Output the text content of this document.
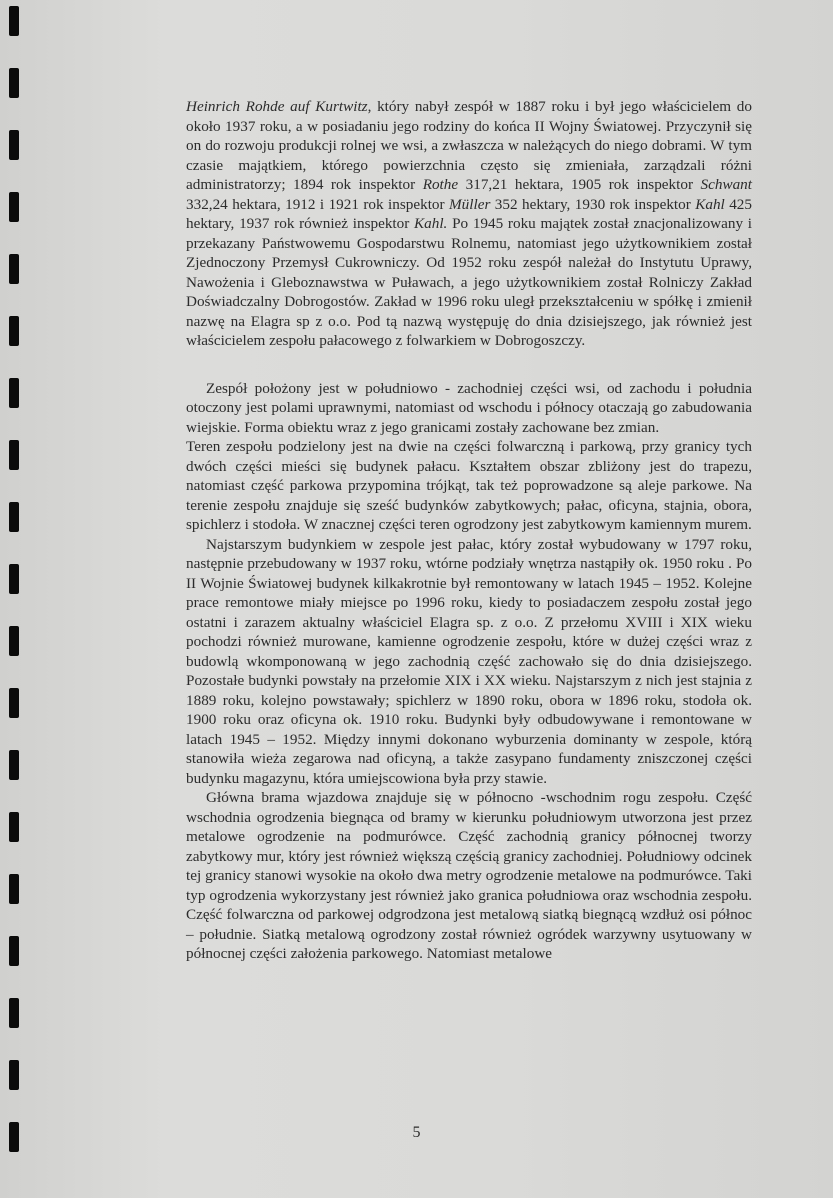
Heinrich Rohde auf Kurtwitz, który nabył zespół w 1887 roku i był jego właścicielem do około 1937 roku, a w posiadaniu jego rodziny do końca II Wojny Światowej. Przyczynił się on do rozwoju produkcji rolnej we wsi, a zwłaszcza w należących do niego dobrami. W tym czasie majątkiem, którego powierzchnia często się zmieniała, zarządzali różni administratorzy; 1894 rok inspektor Rothe 317,21 hektara, 1905 rok inspektor Schwant 332,24 hektara, 1912 i 1921 rok inspektor Müller 352 hektary, 1930 rok inspektor Kahl 425 hektary, 1937 rok również inspektor Kahl. Po 1945 roku majątek został znacjonalizowany i przekazany Państwowemu Gospodarstwu Rolnemu, natomiast jego użytkownikiem został Zjednoczony Przemysł Cukrowniczy. Od 1952 roku zespół należał do Instytutu Uprawy, Nawożenia i Gleboznawstwa w Puławach, a jego użytkownikiem został Rolniczy Zakład Doświadczalny Dobrogostów. Zakład w 1996 roku uległ przekształceniu w spółkę i zmienił nazwę na Elagra sp z o.o. Pod tą nazwą występuję do dnia dzisiejszego, jak również jest właścicielem zespołu pałacowego z folwarkiem w Dobrogoszczy.

Zespół położony jest w południowo - zachodniej części wsi, od zachodu i południa otoczony jest polami uprawnymi, natomiast od wschodu i północy otaczają go zabudowania wiejskie. Forma obiektu wraz z jego granicami zostały zachowane bez zmian.

Teren zespołu podzielony jest na dwie na części folwarczną i parkową, przy granicy tych dwóch części mieści się budynek pałacu. Kształtem obszar zbliżony jest do trapezu, natomiast część parkowa przypomina trójkąt, tak też poprowadzone są aleje parkowe. Na terenie zespołu znajduje się sześć budynków zabytkowych; pałac, oficyna, stajnia, obora, spichlerz i stodoła. W znacznej części teren ogrodzony jest zabytkowym kamiennym murem.

Najstarszym budynkiem w zespole jest pałac, który został wybudowany w 1797 roku, następnie przebudowany w 1937 roku, wtórne podziały wnętrza nastąpiły ok. 1950 roku . Po II Wojnie Światowej budynek kilkakrotnie był remontowany w latach 1945 – 1952. Kolejne prace remontowe miały miejsce po 1996 roku, kiedy to posiadaczem zespołu został jego ostatni i zarazem aktualny właściciel Elagra sp. z o.o. Z przełomu XVIII i XIX wieku pochodzi również murowane, kamienne ogrodzenie zespołu, które w dużej części wraz z budowlą wkomponowaną w jego zachodnią część zachowało się do dnia dzisiejszego. Pozostałe budynki powstały na przełomie XIX i XX wieku. Najstarszym z nich jest stajnia z 1889 roku, kolejno powstawały; spichlerz w 1890 roku, obora w 1896 roku, stodoła ok. 1900 roku oraz oficyna ok. 1910 roku. Budynki były odbudowywane i remontowane w latach 1945 – 1952. Między innymi dokonano wyburzenia dominanty w zespole, którą stanowiła wieża zegarowa nad oficyną, a także zasypano fundamenty zniszczonej części budynku magazynu, która umiejscowiona była przy stawie.

Główna brama wjazdowa znajduje się w północno -wschodnim rogu zespołu. Część wschodnia ogrodzenia biegnąca od bramy w kierunku południowym utworzona jest przez metalowe ogrodzenie na podmurówce. Część zachodnią granicy północnej tworzy zabytkowy mur, który jest również większą częścią granicy zachodniej. Południowy odcinek tej granicy stanowi wysokie na około dwa metry ogrodzenie metalowe na podmurówce. Taki typ ogrodzenia wykorzystany jest również jako granica południowa oraz wschodnia zespołu. Część folwarczna od parkowej odgrodzona jest metalową siatką biegnącą wzdłuż osi północ – południe. Siatką metalową ogrodzony został również ogródek warzywny usytuowany w północnej części założenia parkowego. Natomiast metalowe

5
